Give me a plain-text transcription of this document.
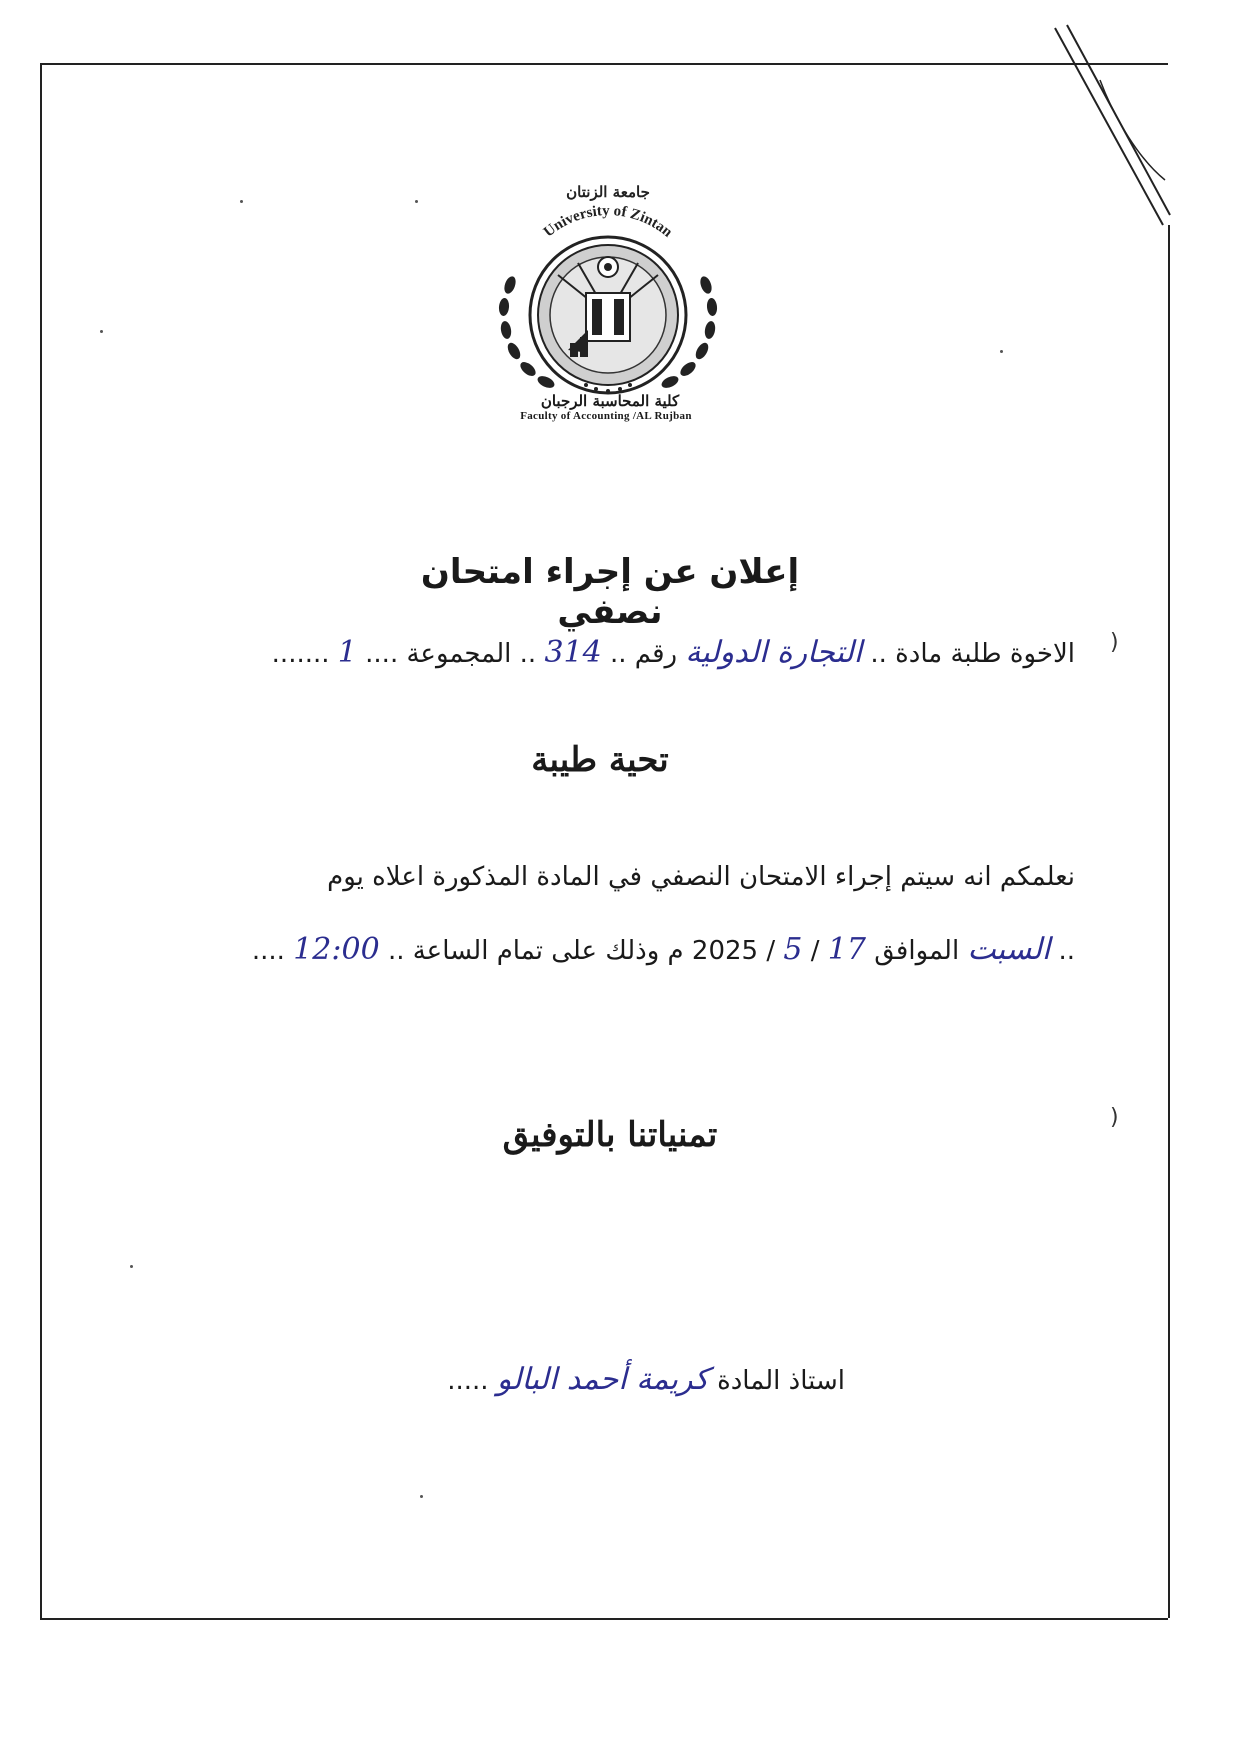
University of Zintan
جامعة الزنتان
كلية المحاسبة الرجبان
Faculty of Accounting /AL Rujban
إعلان عن إجراء امتحان نصفي
)
الاخوة طلبة مادة .. التجارة الدولية رقم .. 314 .. المجموعة .... 1 .......
تحية طيبة
نعلمكم انه سيتم إجراء الامتحان النصفي في المادة المذكورة اعلاه يوم
.. السبت الموافق 2025 / 5 / 17 م وذلك على تمام الساعة .. 12:00 ....
)
تمنياتنا بالتوفيق
استاذ المادة كريمة أحمد البالو .....
